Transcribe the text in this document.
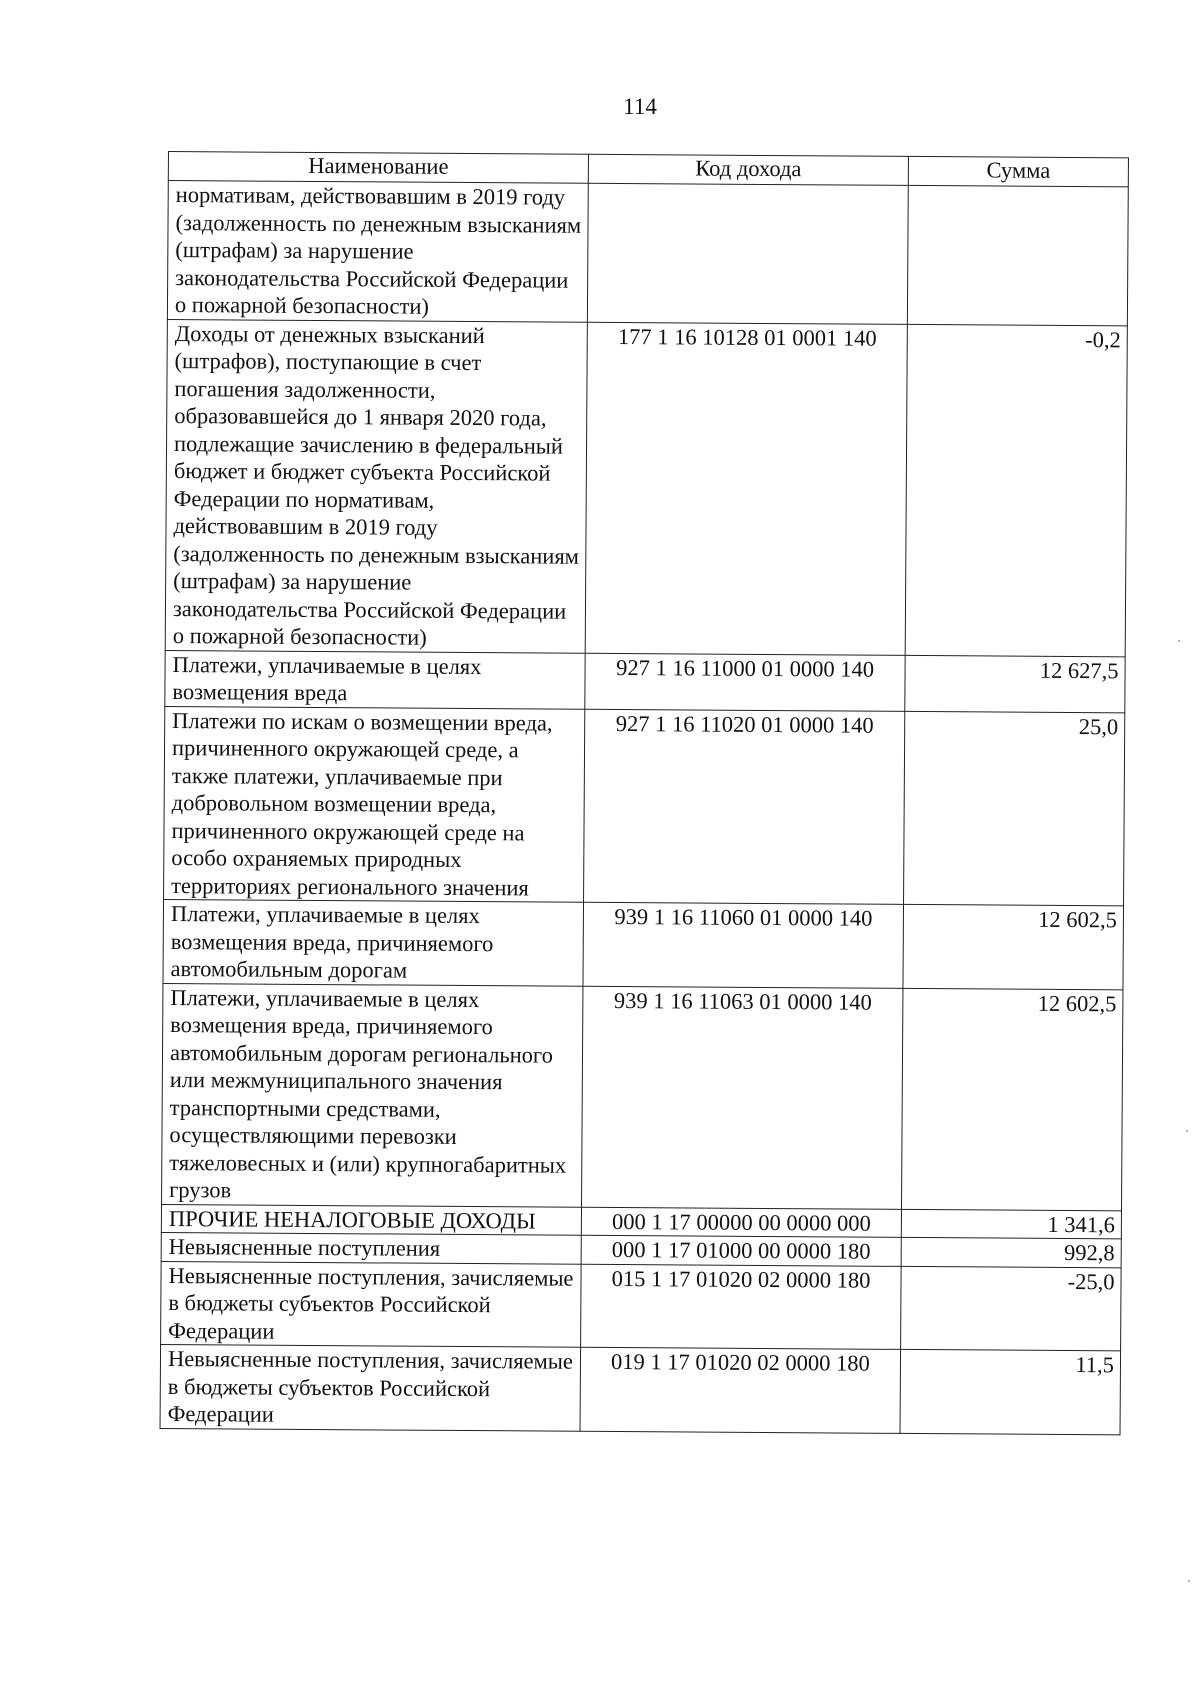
114
Наименование	Код дохода	Сумма
нормативам, действовавшим в 2019 году (задолженность по денежным взысканиям (штрафам) за нарушение законодательства Российской Федерации о пожарной безопасности)		
Доходы от денежных взысканий (штрафов), поступающие в счет погашения задолженности, образовавшейся до 1 января 2020 года, подлежащие зачислению в федеральный бюджет и бюджет субъекта Российской Федерации по нормативам, действовавшим в 2019 году (задолженность по денежным взысканиям (штрафам) за нарушение законодательства Российской Федерации о пожарной безопасности)	177 1 16 10128 01 0001 140	-0,2
Платежи, уплачиваемые в целях возмещения вреда	927 1 16 11000 01 0000 140	12 627,5
Платежи по искам о возмещении вреда, причиненного окружающей среде, а также платежи, уплачиваемые при добровольном возмещении вреда, причиненного окружающей среде на особо охраняемых природных территориях регионального значения	927 1 16 11020 01 0000 140	25,0
Платежи, уплачиваемые в целях возмещения вреда, причиняемого автомобильным дорогам	939 1 16 11060 01 0000 140	12 602,5
Платежи, уплачиваемые в целях возмещения вреда, причиняемого автомобильным дорогам регионального или межмуниципального значения транспортными средствами, осуществляющими перевозки тяжеловесных и (или) крупногабаритных грузов	939 1 16 11063 01 0000 140	12 602,5
ПРОЧИЕ НЕНАЛОГОВЫЕ ДОХОДЫ	000 1 17 00000 00 0000 000	1 341,6
Невыясненные поступления	000 1 17 01000 00 0000 180	992,8
Невыясненные поступления, зачисляемые в бюджеты субъектов Российской Федерации	015 1 17 01020 02 0000 180	-25,0
Невыясненные поступления, зачисляемые в бюджеты субъектов Российской Федерации	019 1 17 01020 02 0000 180	11,5
